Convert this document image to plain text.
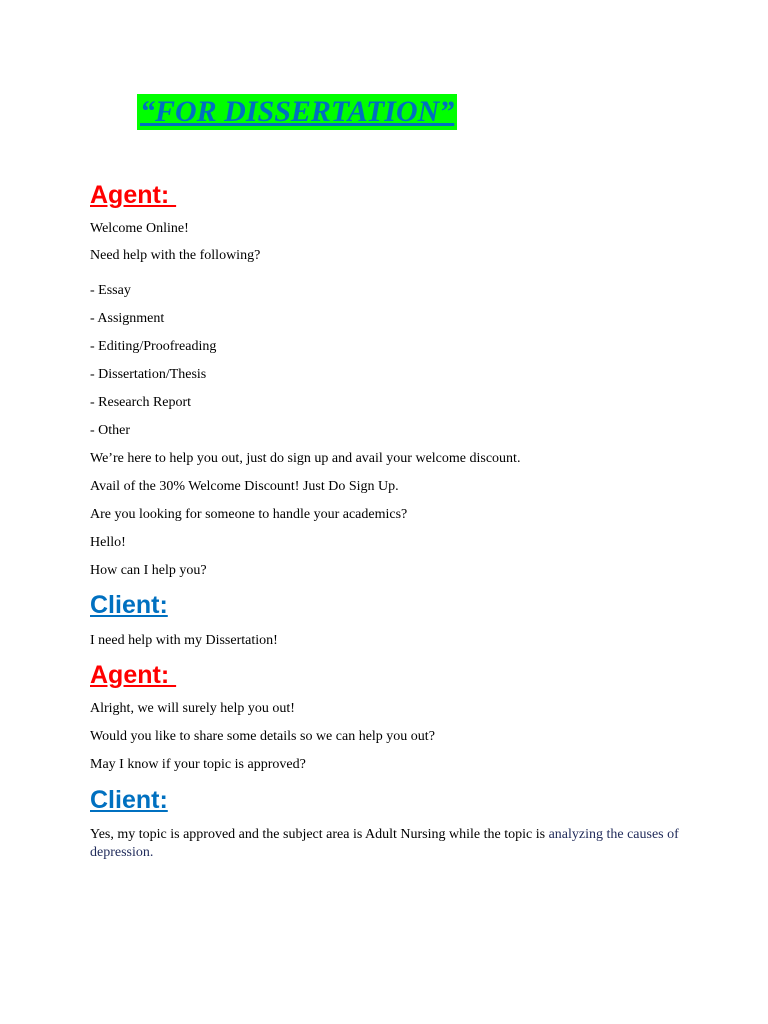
“FOR DISSERTATION”
Agent:
Welcome Online!
Need help with the following?
- Essay
- Assignment
- Editing/Proofreading
- Dissertation/Thesis
- Research Report
- Other
We’re here to help you out, just do sign up and avail your welcome discount.
Avail of the 30% Welcome Discount! Just Do Sign Up.
Are you looking for someone to handle your academics?
Hello!
How can I help you?
Client:
I need help with my Dissertation!
Agent:
Alright, we will surely help you out!
Would you like to share some details so we can help you out?
May I know if your topic is approved?
Client:
Yes, my topic is approved and the subject area is Adult Nursing while the topic is analyzing the causes of depression.
